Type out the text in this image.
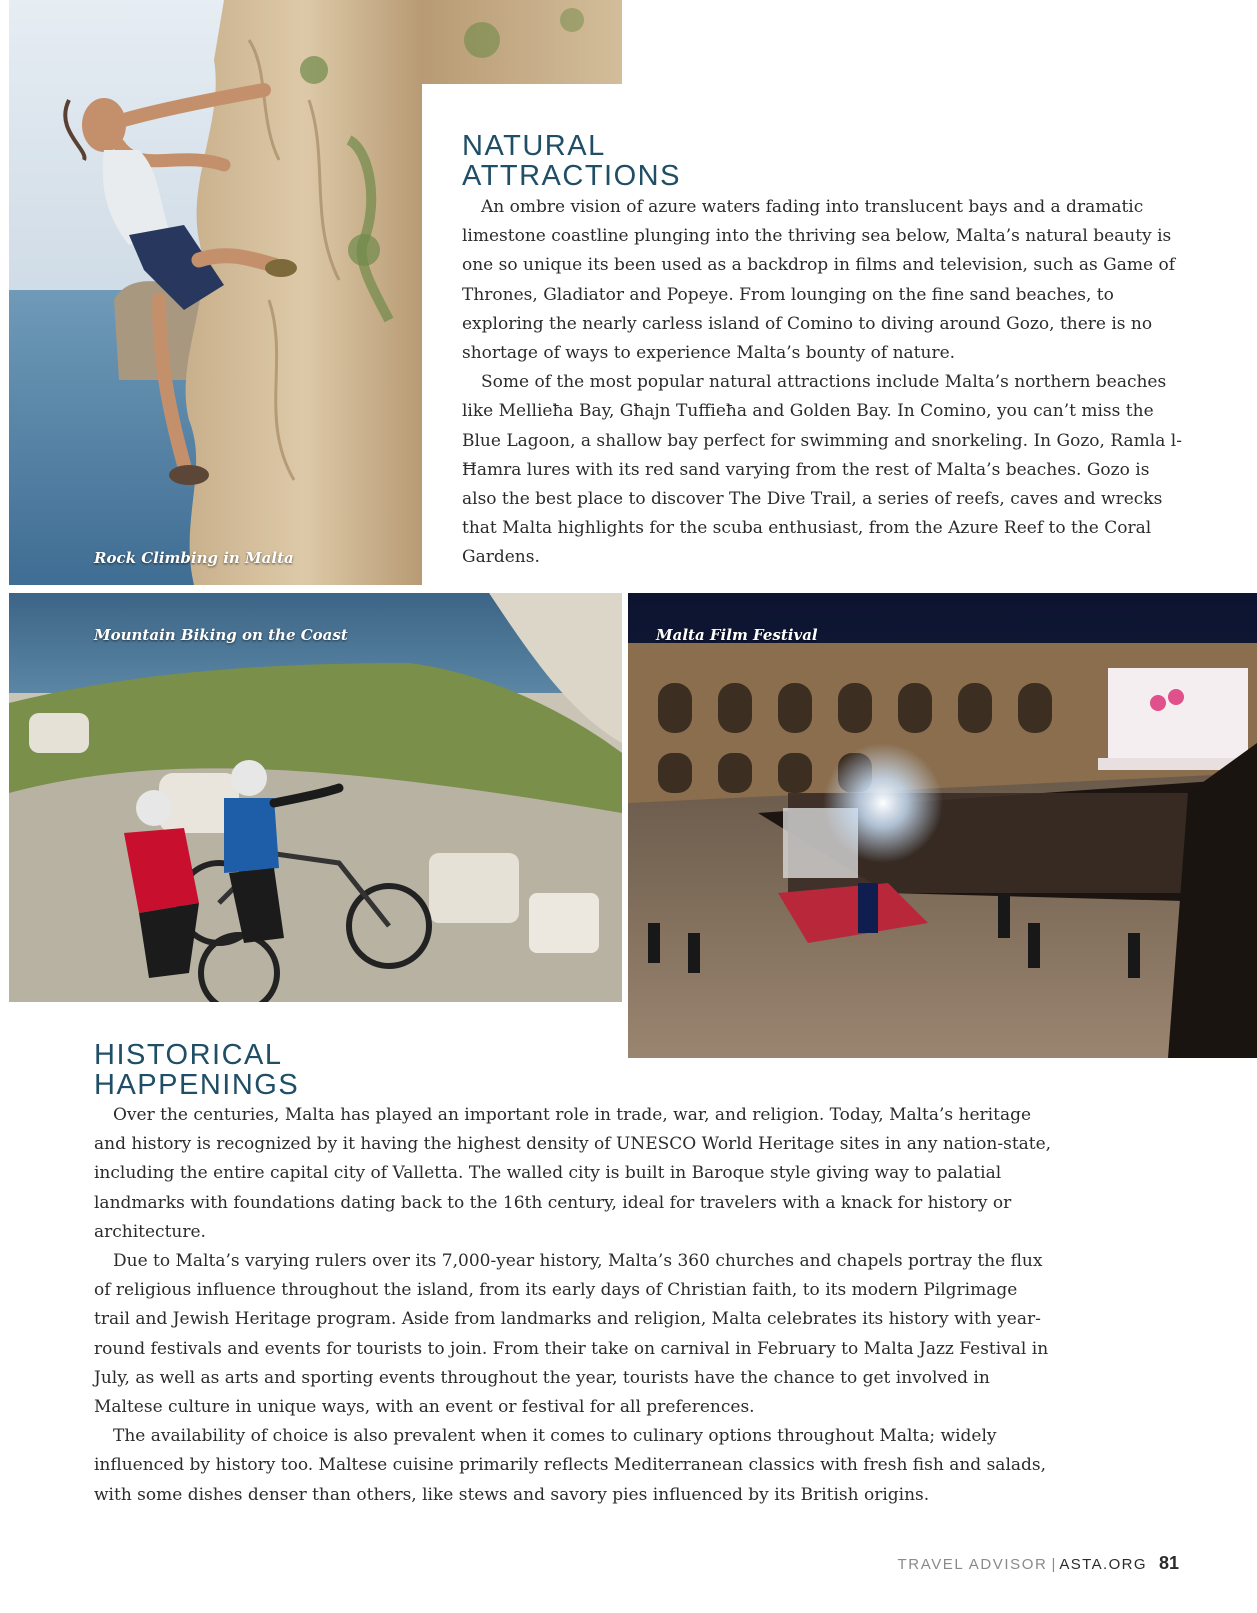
Rock Climbing in Malta
NATURAL
ATTRACTIONS

An ombre vision of azure waters fading into translucent bays and a dramatic limestone coastline plunging into the thriving sea below, Malta’s natural beauty is one so unique its been used as a backdrop in films and television, such as Game of Thrones, Gladiator and Popeye. From lounging on the fine sand beaches, to exploring the nearly carless island of Comino to diving around Gozo, there is no shortage of ways to experience Malta’s bounty of nature.

Some of the most popular natural attractions include Malta’s northern beaches like Mellieħa Bay, Għajn Tuffieħa and Golden Bay. In Comino, you can’t miss the Blue Lagoon, a shallow bay perfect for swimming and snorkeling. In Gozo, Ramla l-Ħamra lures with its red sand varying from the rest of Malta’s beaches. Gozo is also the best place to discover The Dive Trail, a series of reefs, caves and wrecks that Malta highlights for the scuba enthusiast, from the Azure Reef to the Coral Gardens.

Mountain Biking on the Coast	Malta Film Festival
HISTORICAL
HAPPENINGS

Over the centuries, Malta has played an important role in trade, war, and religion. Today, Malta’s heritage and history is recognized by it having the highest density of UNESCO World Heritage sites in any nation-state, including the entire capital city of Valletta. The walled city is built in Baroque style giving way to palatial landmarks with foundations dating back to the 16th century, ideal for travelers with a knack for history or architecture.

Due to Malta’s varying rulers over its 7,000-year history, Malta’s 360 churches and chapels portray the flux of religious influence throughout the island, from its early days of Christian faith, to its modern Pilgrimage trail and Jewish Heritage program. Aside from landmarks and religion, Malta celebrates its history with year-round festivals and events for tourists to join. From their take on carnival in February to Malta Jazz Festival in July, as well as arts and sporting events throughout the year, tourists have the chance to get involved in Maltese culture in unique ways, with an event or festival for all preferences.

The availability of choice is also prevalent when it comes to culinary options throughout Malta; widely influenced by history too. Maltese cuisine primarily reflects Mediterranean classics with fresh fish and salads, with some dishes denser than others, like stews and savory pies influenced by its British origins.

TRAVEL ADVISOR | ASTA.ORG 81
